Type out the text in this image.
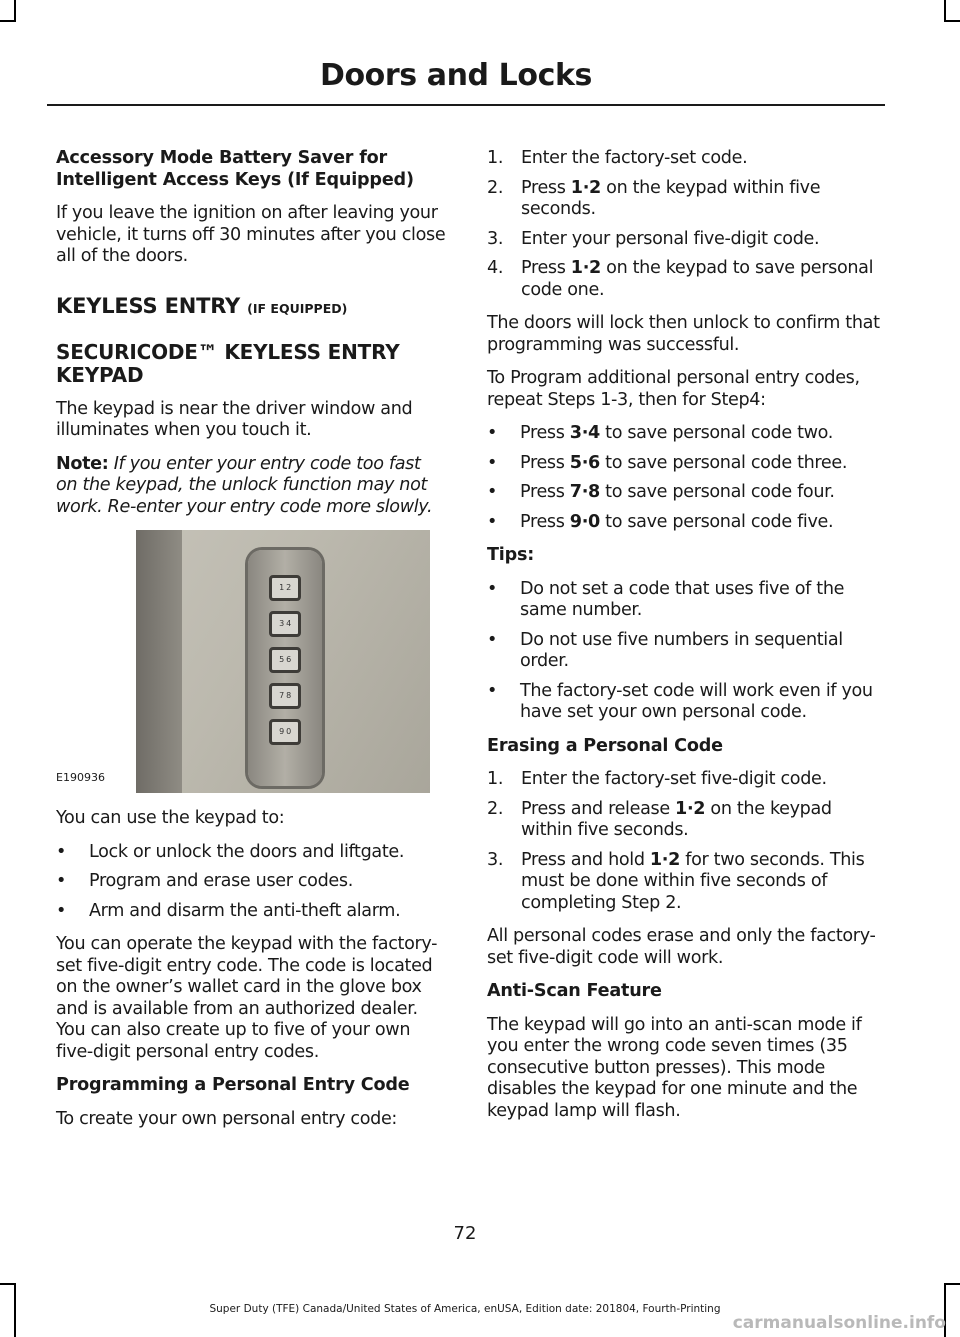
Doors and Locks
Accessory Mode Battery Saver for Intelligent Access Keys (If Equipped)

If you leave the ignition on after leaving your vehicle, it turns off 30 minutes after you close all of the doors.

KEYLESS ENTRY (IF EQUIPPED)
SECURICODE™ KEYLESS ENTRY KEYPAD

The keypad is near the driver window and illuminates when you touch it.

Note: If you enter your entry code too fast on the keypad, the unlock function may not work. Re-enter your entry code more slowly.

1 2
3 4
5 6
7 8
9 0
E190936

You can use the keypad to:

• Lock or unlock the doors and liftgate.
• Program and erase user codes.
• Arm and disarm the anti-theft alarm.

You can operate the keypad with the factory-set five-digit entry code. The code is located on the owner’s wallet card in the glove box and is available from an authorized dealer. You can also create up to five of your own five-digit personal entry codes.

Programming a Personal Entry Code

To create your own personal entry code:

1. Enter the factory-set code.
2. Press 1·2 on the keypad within five seconds.
3. Enter your personal five-digit code.
4. Press 1·2 on the keypad to save personal code one.

The doors will lock then unlock to confirm that programming was successful.

To Program additional personal entry codes, repeat Steps 1-3, then for Step4:

• Press 3·4 to save personal code two.
• Press 5·6 to save personal code three.
• Press 7·8 to save personal code four.
• Press 9·0 to save personal code five.
Tips:
• Do not set a code that uses five of the same number.
• Do not use five numbers in sequential order.
• The factory-set code will work even if you have set your own personal code.
Erasing a Personal Code
1. Enter the factory-set five-digit code.
2. Press and release 1·2 on the keypad within five seconds.
3. Press and hold 1·2 for two seconds. This must be done within five seconds of completing Step 2.

All personal codes erase and only the factory-set five-digit code will work.

Anti-Scan Feature

The keypad will go into an anti-scan mode if you enter the wrong code seven times (35 consecutive button presses). This mode disables the keypad for one minute and the keypad lamp will flash.

72
Super Duty (TFE) Canada/United States of America, enUSA, Edition date: 201804, Fourth-Printing
carmanualsonline.info
